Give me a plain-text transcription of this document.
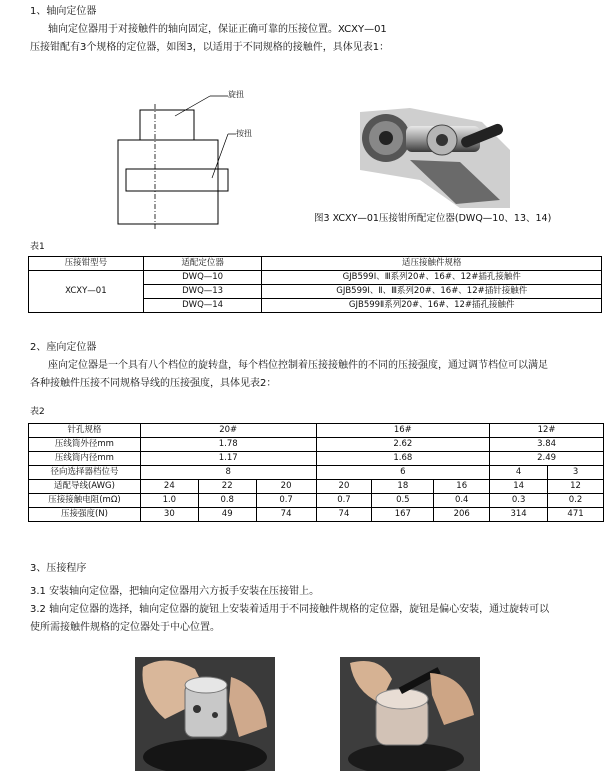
1、轴向定位器
轴向定位器用于对接触件的轴向固定，保证正确可靠的压接位置。XCXY—01
压接钳配有3个规格的定位器，如图3，以适用于不同规格的接触件，具体见表1：
旋扭
按扭
图3 XCXY—01压接钳所配定位器(DWQ—10、13、14)
表1
压接钳型号	适配定位器	适压接触件规格
XCXY—01	DWQ—10	GJB599Ⅰ、Ⅲ系列20#、16#、12#插孔接触件
	DWQ—13	GJB599Ⅰ、Ⅱ、Ⅲ系列20#、16#、12#插针接触件
	DWQ—14	GJB599Ⅱ系列20#、16#、12#插孔接触件
2、座向定位器
座向定位器是一个具有八个档位的旋转盘，每个档位控制着压接接触件的不同的压接强度，通过调节档位可以满足
各种接触件压接不同规格导线的压接强度，具体见表2：
表2
针孔规格	20#			16#			12#	
压线筒外径mm	1.78			2.62			3.84	
压线筒内径mm	1.17			1.68			2.49	
径向选择器档位号	8			6			4	3
适配导线(AWG)	24	22	20	20	18	16	14	12
压接接触电阻(mΩ)	1.0	0.8	0.7	0.7	0.5	0.4	0.3	0.2
压接强度(N)	30	49	74	74	167	206	314	471
3、压接程序
3.1 安装轴向定位器，把轴向定位器用六方扳手安装在压接钳上。
3.2 轴向定位器的选择，轴向定位器的旋钮上安装着适用于不同接触件规格的定位器，旋钮是偏心安装，通过旋转可以
使所需接触件规格的定位器处于中心位置。
